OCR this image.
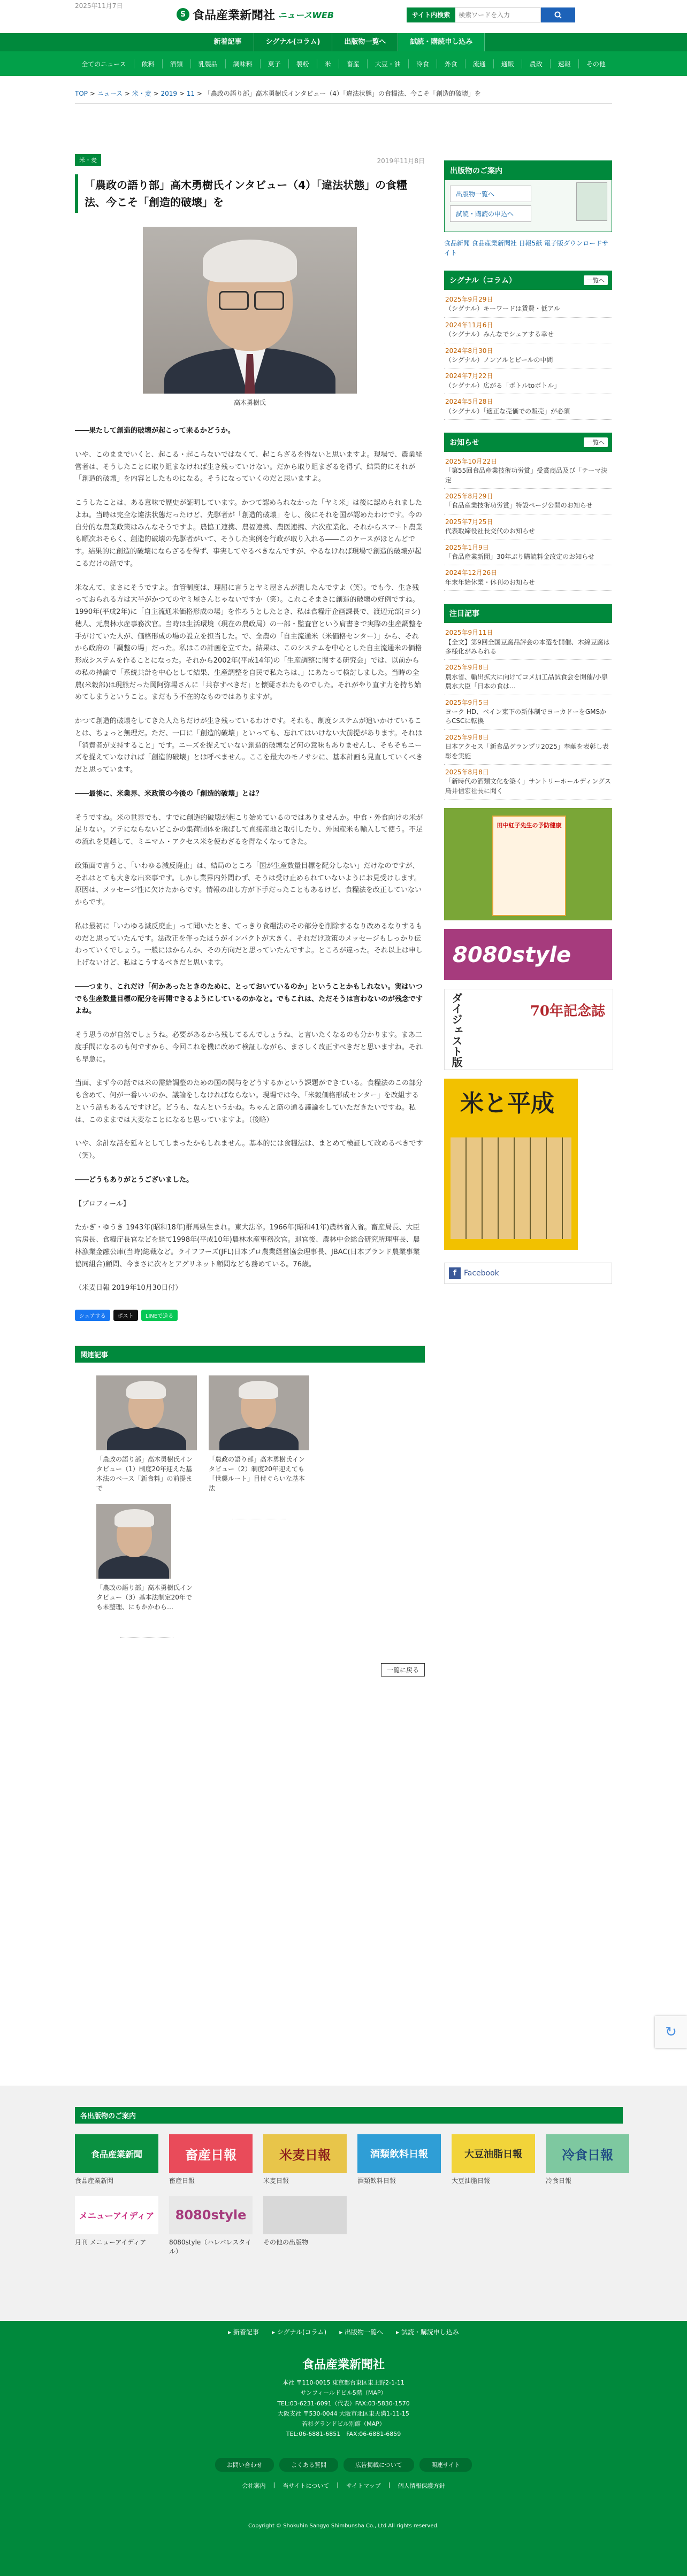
2025年11月7日
S 食品産業新聞社 ニュースWEB	サイト内検索
検索ワードを入力
新着記事	シグナル(コラム)	出版物一覧へ	試読・購読申し込み
全てのニュース	飲料	酒類	乳製品	調味料	菓子	製粉	米	畜産	大豆・油	冷食	外食	流通	通販	農政	速報	その他
TOP > ニュース > 米・麦 > 2019 > 11 > 「農政の語り部」高木勇樹氏インタビュー（4）「違法状態」の食糧法、今こそ「創造的破壊」を
米・麦	2019年11月8日
「農政の語り部」高木勇樹氏インタビュー（4）「違法状態」の食糧法、今こそ「創造的破壊」を
高木勇樹氏

――果たして創造的破壊が起こって来るかどうか。

いや、このままでいくと、起こる・起こらないではなくて、起こらざるを得ないと思いますよ。現場で、農業経営者は、そうしたことに取り組まなければ生き残っていけない。だから取り組まざるを得ず、結果的にそれが「創造的破壊」を内容としたものになる。そうになっていくのだと思いますよ。

こうしたことは、ある意味で歴史が証明しています。かつて認められなかった「ヤミ米」は後に認められましたよね。当時は完全な違法状態だったけど、先駆者が「創造的破壊」をし、後にそれを国が認めたわけです。今の自分的な農業政策はみんなそうですよ。農協工連携、農福連携、農医連携、六次産業化、それからスマート農業も順次おそらく、創造的破壊の先駆者がいて、そうした実例を行政が取り入れる――このケースがほとんどです。結果的に創造的破壊にならざるを得ず、事実してやるべきなんですが、やるなければ現場で創造的破壊が起こるだけの話です。

米なんて、まさにそうですよ。食管制度は、理屈に言うとヤミ屋さんが潰したんですよ（笑）。でも今、生き残っておられる方は大半がかつてのヤミ屋さんじゃないですか（笑）。これこそまさに創造的破壊の好例ですね。1990年(平成2年)に「自主流通米価格形成の場」を作ろうとしたとき、私は食糧庁企画課長で、渡辺元部(ヨシ)穂人、元農林水産事務次官。当時は生活環境（現在の農政局）の一部・監査官という肩書きで実際の生産調整を手がけていた人が、価格形成の場の設立を担当した。で、全農の「自主流通米（米価格センター）」から、それから政府の「調整の場」だった。私はこの計画を立てた。結果は、このシステムを中心とした自主流通米の価格形成システムを作ることになった。それから2002年(平成14年)の「生産調整に関する研究会」では、以前からの私の持論で「系統共計を中心として結果、生産調整を自民で私たちは、」にあたって検討しました。当時の全農(米穀部)は現熊だった岡阿弥場さんに「共存すべきだ」と懐疑されたものでした。それがやり直す力を持ち始めてしまうということ。まだもう不在的なものではありますが。

かつて創造的破壊をしてきた人たちだけが生き残っているわけです。それも、制度システムが追いかけていることは、ちょっと無理だ。ただ、一口に「創造的破壊」といっても、忘れてはいけない大前提があります。それは「消費者が支持すること」です。ニーズを捉えていない創造的破壊など何の意味もありませんし、そもそもニーズを捉えていなければ「創造的破壊」とは呼べません。ここを最大のモノサシに、基本計画も見直していくべきだと思っています。

――最後に、米業界、米政策の今後の「創造的破壊」とは？

そうですね。米の世界でも、すでに創造的破壊が起こり始めているのではありませんか。中食・外食向けの米が足りない。アテにならないどこかの集荷団体を飛ばして直接産地と取引したり、外国産米も輸入して使う。不足の流れを見越して、ミニマム・アクセス米を使わざるを得なくなってきた。

政策面で言うと、「いわゆる減反廃止」は、結局のところ「国が生産数量目標を配分しない」だけなのですが、それはとても大きな出来事です。しかし業界内外問わず、そうは受け止められていないようにお見受けします。原因は、メッセージ性に欠けたからです。情報の出し方が下手だったこともあるけど、食糧法を改正していないからです。

私は最初に「いわゆる減反廃止」って聞いたとき、てっきり食糧法のその部分を削除するなり改めるなりするものだと思っていたんです。法改正を伴ったほうがインパクトが大きく、それだけ政策のメッセージもしっかり伝わっていくでしょう。一般にはからんか、その方向だと思っていたんですよ。ところが違った。それ以上は申し上げないけど、私はこうするべきだと思います。

――つまり、これだけ「何かあったときのために、とっておいているのか」ということかもしれない。実はいつでも生産数量目標の配分を再開できるようにしているのかなと。でもこれは、ただそうは言わないのが残念ですよね。

そう思うのが自然でしょうね。必要があるから残してるんでしょうね、と言いたくなるのも分かります。まあ二度手間になるのも何ですから、今回これを機に改めて検証しながら、まさしく改正すべきだと思いますね。それも早急に。

当面、まず今の話では米の需給調整のための国の関与をどうするかという課題ができている。食糧法のこの部分も含めて、何が一番いいのか、議論をしなければならない。現場では今、「米穀価格形成センター」を改組するという話もあるんですけど。どうも、なんというかね。ちゃんと筋の通る議論をしていただきたいですね。私は、このままでは大変なことになると思っていますよ。（後略）

いや、余計な話を延々としてしまったかもしれません。基本的には食糧法は、まとめて検証して改めるべきです（笑）。

――どうもありがとうございました。

【プロフィール】

たかぎ・ゆうき 1943年(昭和18年)群馬県生まれ。東大法卒。1966年(昭和41年)農林省入省。畜産局長、大臣官房長、食糧庁長官などを経て1998年(平成10年)農林水産事務次官。退官後、農林中金総合研究所理事長、農林漁業金融公庫(当時)総裁など。ライフフーズ(JFL)日本プロ農業経営協会理事長、JBAC(日本ブランド農業事業協同組合)顧問、今まさに次々とアグリネット顧問なども務めている。76歳。

（米麦日報 2019年10月30日付）

シェアする	ポスト	LINEで送る
関連記事
「農政の語り部」高木勇樹氏インタビュー（1）制度20年迎えた基本法のベース「新食料」の前提まで
「農政の語り部」高木勇樹氏インタビュー（2）制度20年迎えても「世襲ルート」目付ぐらいな基本法
「農政の語り部」高木勇樹氏インタビュー（3）基本法制定20年でも未整理、にもかかわら…
一覧に戻る
出版物のご案内
出版物一覧へ
試読・購読の申込へ
食品新聞 食品産業新聞社 日報5紙 電子版ダウンロードサイト
シグナル（コラム）	一覧へ
2025年9月29日
（シグナル）キーワードは賃費・低アル
2024年11月6日
（シグナル）みんなでシェアする幸せ
2024年8月30日
（シグナル）ノンアルとビールの中間
2024年7月22日
（シグナル）広がる「ボトルtoボトル」
2024年5月28日
（シグナル）「適正な売価での販売」が必須
お知らせ	一覧へ
2025年10月22日
「第55回食品産業技術功労賞」受賞商品及び「テーマ決定
2025年8月29日
「食品産業技術功労賞」特設ページ公開のお知らせ
2025年7月25日
代表取締役社長交代のお知らせ
2025年1月9日
「食品産業新聞」30年ぶり購読料金改定のお知らせ
2024年12月26日
年末年始休業・休刊のお知らせ
注目記事
2025年9月11日
【全文】第9回全国豆腐品評会の本選を開催、木綿豆腐は多様化がみられる
2025年9月8日
農水省、輸出拡大に向けてコメ加工品試食会を開催/小泉農水大臣「日本の食は…
2025年9月5日
ヨーク HD、ベイン束下の新体制でヨーカドーをGMSからCSCに転換
2025年9月8日
日本アクセス「新食品グランプリ2025」奉献を表彰し表彰を実施
2025年8月8日
「新時代の酒類文化を築く」サントリーホールディングス 鳥井信宏社長に聞く
田中紅子先生の予防健康
8080style
ダイジェスト版	70年記念誌
米と平成
f Facebook
↻
各出版物のご案内
食品産業新聞
食品産業新聞
畜産日報
畜産日報
米麦日報
米麦日報
酒類飲料日報
酒類飲料日報
大豆油脂日報
大豆油脂日報
冷食日報
冷食日報
メニューアイディア
月刊 メニューアイディア
8080style
8080style（ハレバレスタイル）
その他の出版物
▸ 新着記事 ▸ シグナル(コラム) ▸ 出版物一覧へ ▸ 試読・購読申し込み
食品産業新聞社
本社 〒110-0015 東京都台東区東上野2-1-11
サンフィールドビル5階（MAP）
TEL:03-6231-6091（代表）FAX:03-5830-1570
大阪支社 〒530-0044 大阪市北区東天満1-11-15
若杉グランドビル別館（MAP）
TEL:06-6881-6851　FAX:06-6881-6859
お問い合わせ	よくある質問	広告掲載について	関連サイト
会社案内 | 当サイトについて | サイトマップ | 個人情報保護方針
Copyright © Shokuhin Sangyo Shimbunsha Co., Ltd All rights reserved.
